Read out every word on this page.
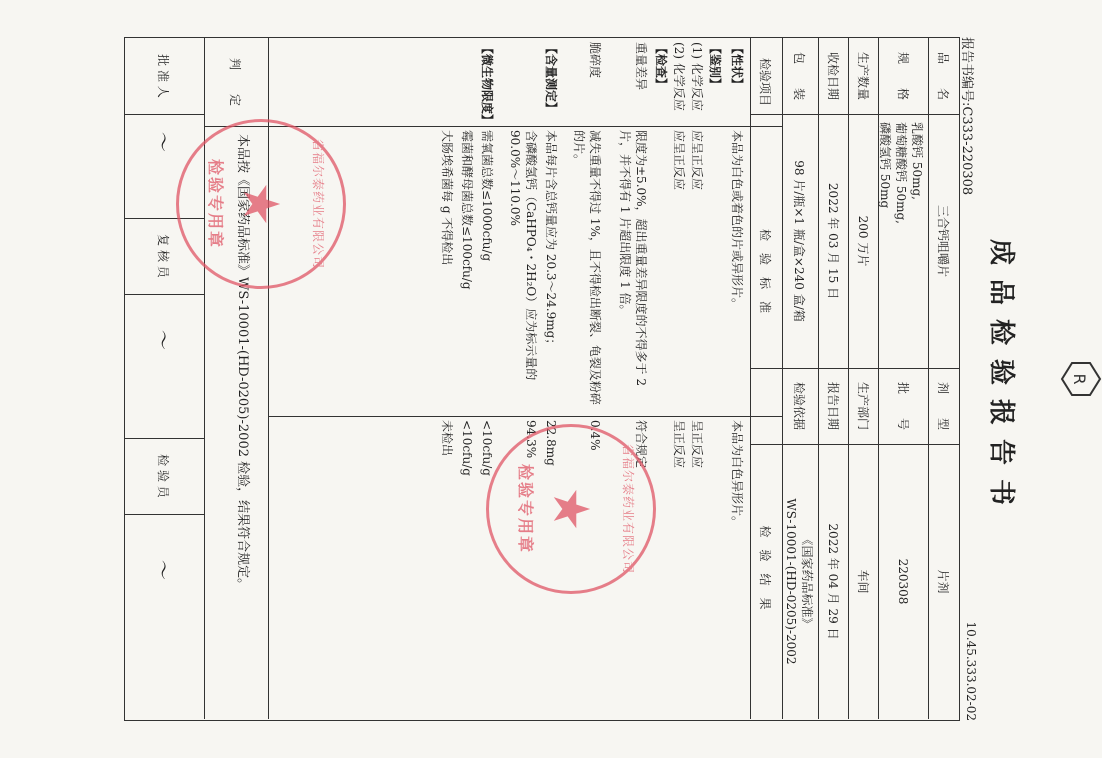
R
成品检验报告书
报告书编号:C333-220308
10.45.333.02-02
品　　名
三合钙咀嚼片
剂　　型
片剂
规　　格
乳酸钙 50mg,
葡萄糖酸钙 50mg,
磷酸氢钙 50mg
批　　号
220308
生产数量
200 万片
生产部门
车间
收检日期
2022 年 03 月 15 日
报告日期
2022 年 04 月 29 日
包　　装
98 片/瓶×1 瓶/盒×240 盒/箱
检验依据
《国家药品标准》
WS-10001-(HD-0205)-2002
检验项目
检　验　标　准
检　验　结　果
【性状】
本品为白色或着色的片或异形片。
本品为白色异形片。
【鉴别】
(1) 化学反应
应呈正反应
呈正反应
(2) 化学反应
应呈正反应
呈正反应
【检查】
重量差异
限度为±5.0%，超出重量差异限度的不得多于 2 片，并不得有 1 片超出限度 1 倍。
符合规定
脆碎度
减失重量不得过 1%，且不得检出断裂、龟裂及粉碎的片。
0.4%
【含量测定】
本品每片含总钙量应为 20.3～24.9mg；
22.8mg
含磷酸氢钙（CaHPO₄・2H₂O）应为标示量的 90.0%～110.0%
94.3%
【微生物限度】
需氧菌总数≤1000cfu/g
<10cfu/g
霉菌和酵母菌总数≤100cfu/g
<10cfu/g
大肠埃希菌每 g 不得检出
未检出
判　　定
本品按《国家药品标准》WS-10001-(HD-0205)-2002 检验，结果符合规定。
批 准 人
〜
复 核 员
〜
检 验 员
〜	省福尔泰药业有限公司
★
检验专用章
省福尔泰药业有限公司
★
检验专用章
